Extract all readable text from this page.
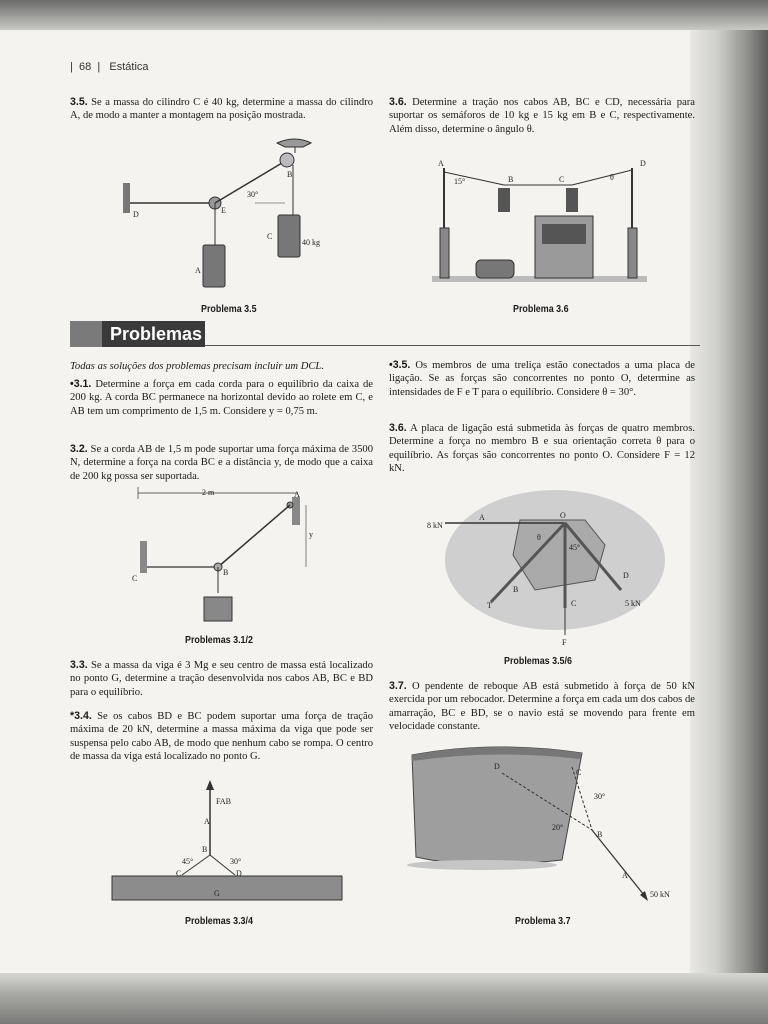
|  68  |   Estática
3.5. Se a massa do cilindro C é 40 kg, determine a massa do cilindro A, de modo a manter a montagem na posição mostrada.
3.6. Determine a tração nos cabos AB, BC e CD, necessária para suportar os semáforos de 10 kg e 15 kg em B e C, respectivamente. Além disso, determine o ângulo θ.
B
D	E
C
A
30°
40 kg
A
15°	B	C	θ
D
Problema 3.5	Problema 3.6
Problemas
Todas as soluções dos problemas precisam incluir um DCL.
•3.1. Determine a força em cada corda para o equilíbrio da caixa de 200 kg. A corda BC permanece na horizontal devido ao rolete em C, e AB tem um comprimento de 1,5 m. Considere y = 0,75 m.
3.2. Se a corda AB de 1,5 m pode suportar uma força máxima de 3500 N, determine a força na corda BC e a distância y, de modo que a caixa de 200 kg possa ser suportada.
2 m	A
B
C
y
Problemas 3.1/2
3.3. Se a massa da viga é 3 Mg e seu centro de massa está localizado no ponto G, determine a tração desenvolvida nos cabos AB, BC e BD para o equilíbrio.
*3.4. Se os cabos BD e BC podem suportar uma força de tração máxima de 20 kN, determine a massa máxima da viga que pode ser suspensa pelo cabo AB, de modo que nenhum cabo se rompa. O centro de massa da viga está localizado no ponto G.
FAB
A
B
C	D
G
45°	30°
Problemas 3.3/4
•3.5. Os membros de uma treliça estão conectados a uma placa de ligação. Se as forças são concorrentes no ponto O, determine as intensidades de F e T para o equilíbrio. Considere θ = 30°.
3.6. A placa de ligação está submetida às forças de quatro membros. Determine a força no membro B e sua orientação correta θ para o equilíbrio. As forças são concorrentes no ponto O. Considere F = 12 kN.
8 kN
A	O
θ
45°
B
T	C
D
5 kN
F
Problemas 3.5/6
3.7. O pendente de reboque AB está submetido à força de 50 kN exercida por um rebocador. Determine a força em cada um dos cabos de amarração, BC e BD, se o navio está se movendo para frente em velocidade constante.
D
C
B
A
30°
20°
50 kN
Problema 3.7
